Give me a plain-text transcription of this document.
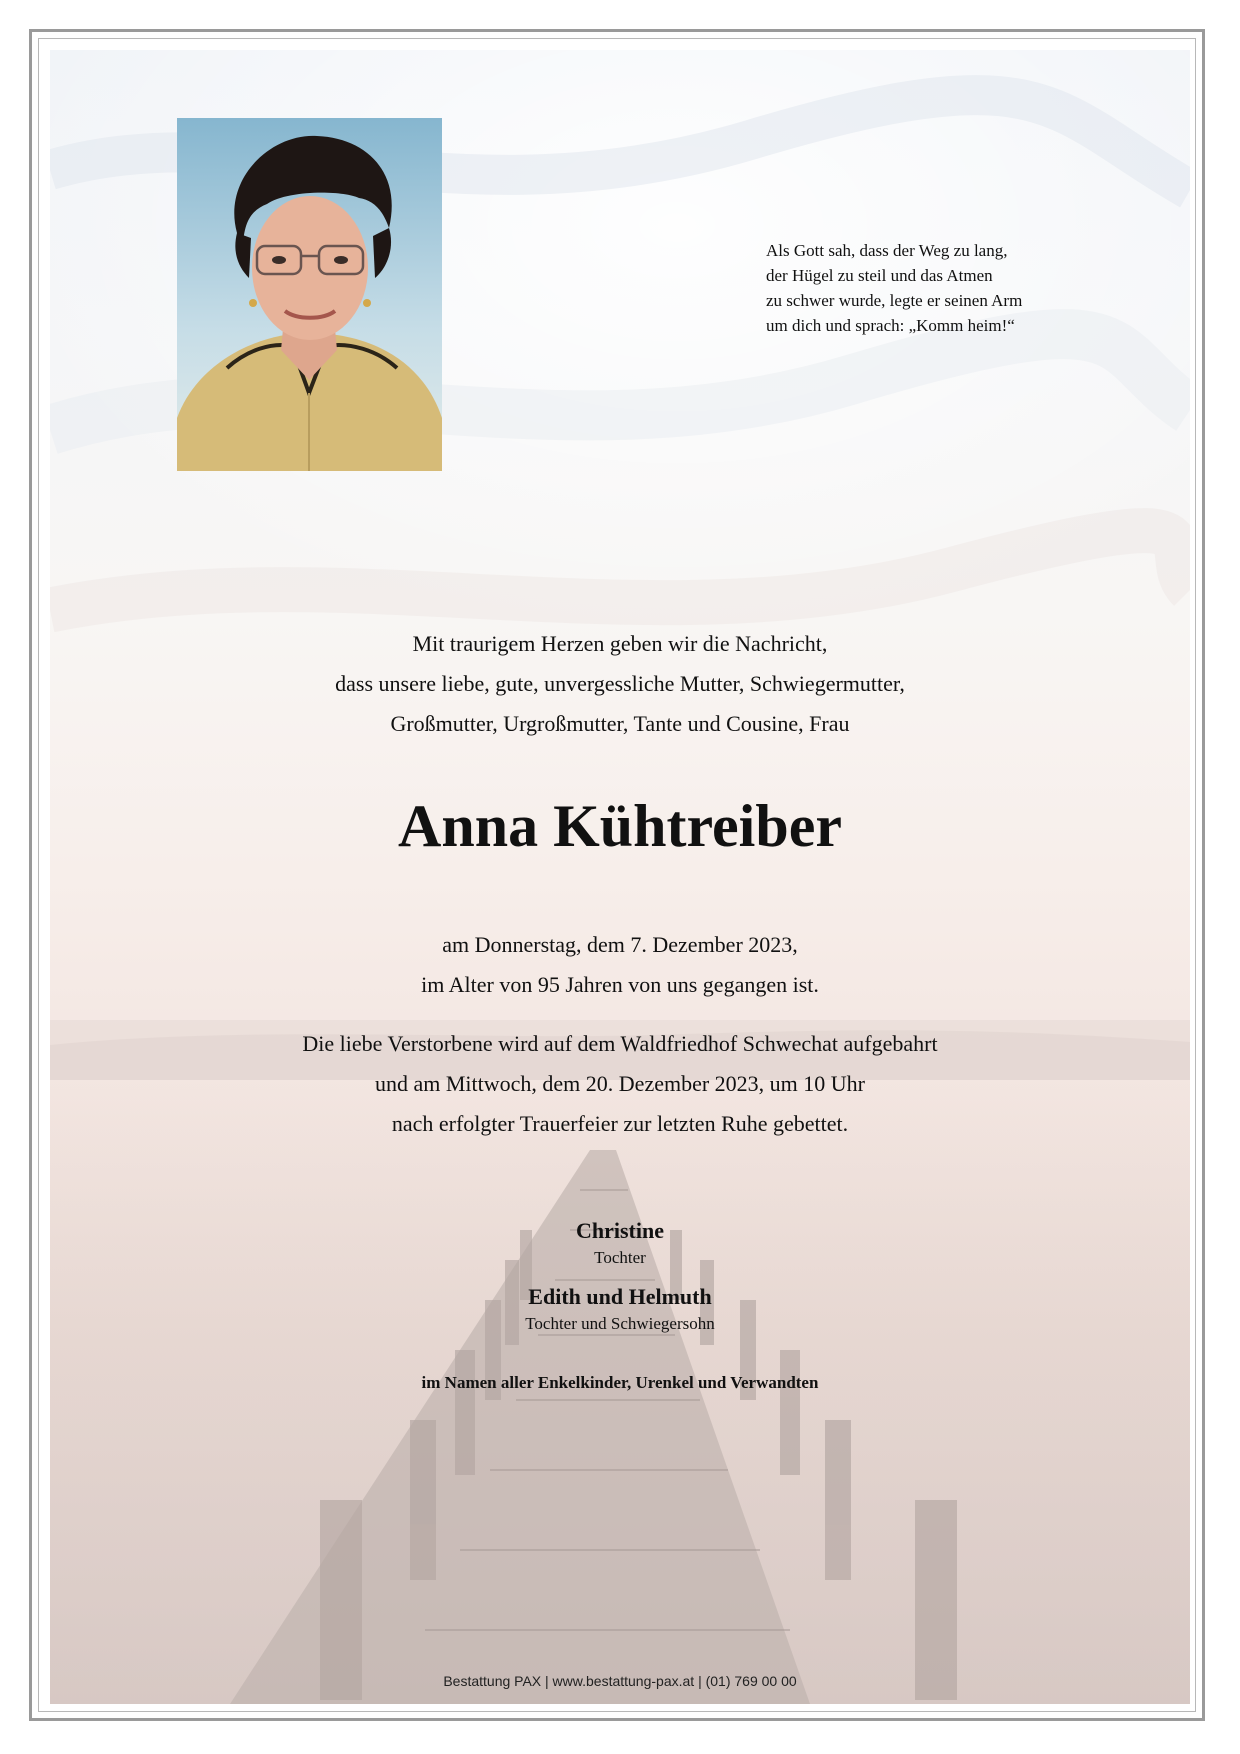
Als Gott sah, dass der Weg zu lang,
der Hügel zu steil und das Atmen
zu schwer wurde, legte er seinen Arm
um dich und sprach: „Komm heim!“
Mit traurigem Herzen geben wir die Nachricht,
dass unsere liebe, gute, unvergessliche Mutter, Schwiegermutter,
Großmutter, Urgroßmutter, Tante und Cousine, Frau
Anna Kühtreiber
am Donnerstag, dem 7. Dezember 2023,
im Alter von 95 Jahren von uns gegangen ist.
Die liebe Verstorbene wird auf dem Waldfriedhof Schwechat aufgebahrt
und am Mittwoch, dem 20. Dezember 2023, um 10 Uhr
nach erfolgter Trauerfeier zur letzten Ruhe gebettet.
Christine
Tochter
Edith und Helmuth
Tochter und Schwiegersohn
im Namen aller Enkelkinder, Urenkel und Verwandten
Bestattung PAX | www.bestattung-pax.at | (01) 769 00 00
